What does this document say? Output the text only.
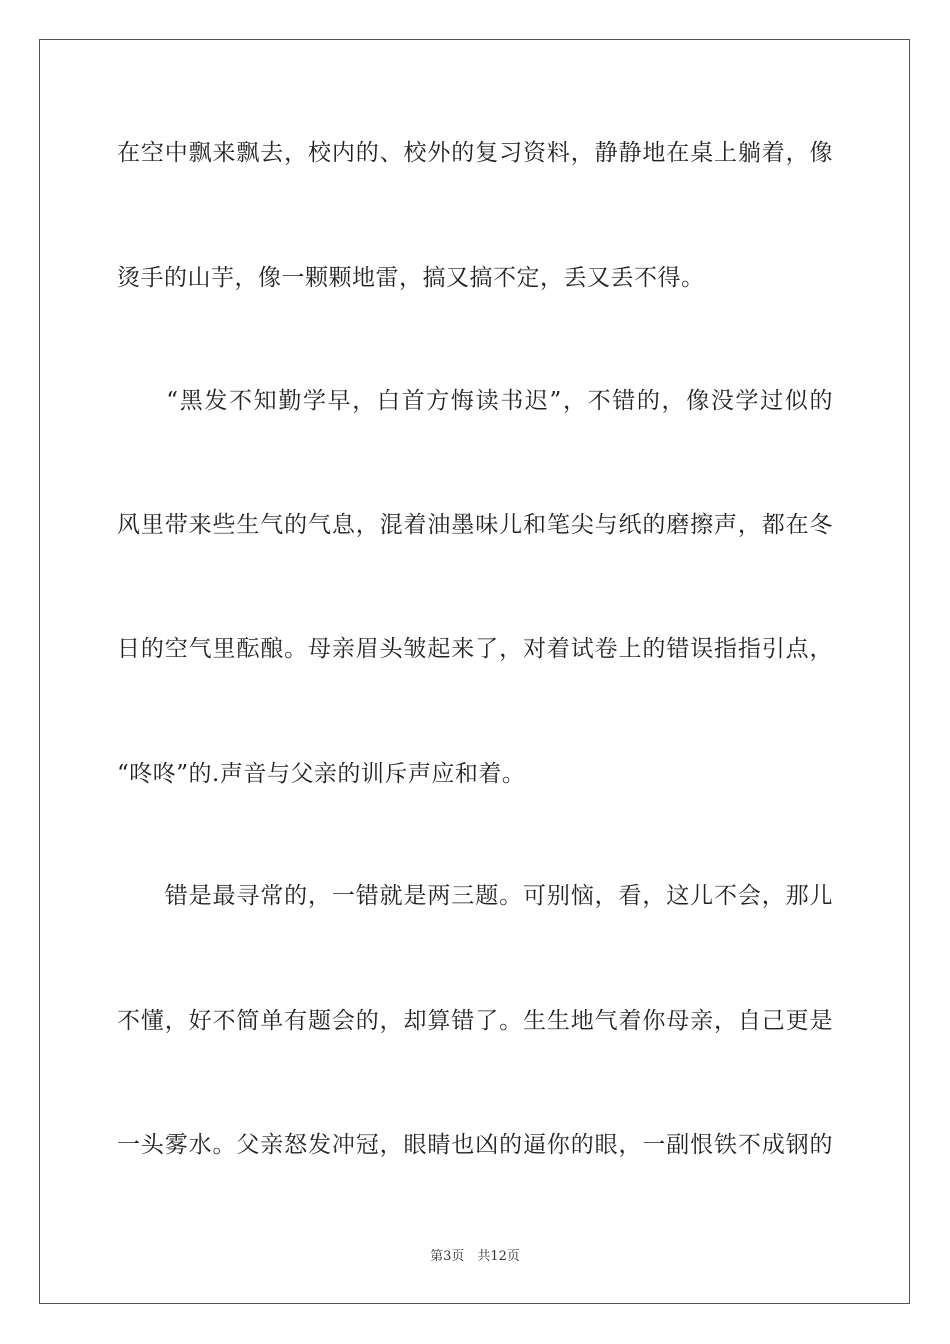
在空中飘来飘去，校内的、校外的复习资料，静静地在桌上躺着，像
烫手的山芋，像一颗颗地雷，搞又搞不定，丢又丢不得。
　　“黑发不知勤学早，白首方悔读书迟”，不错的，像没学过似的
风里带来些生气的气息，混着油墨味儿和笔尖与纸的磨擦声，都在冬
日的空气里酝酿。母亲眉头皱起来了，对着试卷上的错误指指引点，
“咚咚”的.声音与父亲的训斥声应和着。
　　错是最寻常的，一错就是两三题。可别恼，看，这儿不会，那儿
不懂，好不简单有题会的，却算错了。生生地气着你母亲，自己更是
一头雾水。父亲怒发冲冠，眼睛也凶的逼你的眼，一副恨铁不成钢的
第3页　共12页
